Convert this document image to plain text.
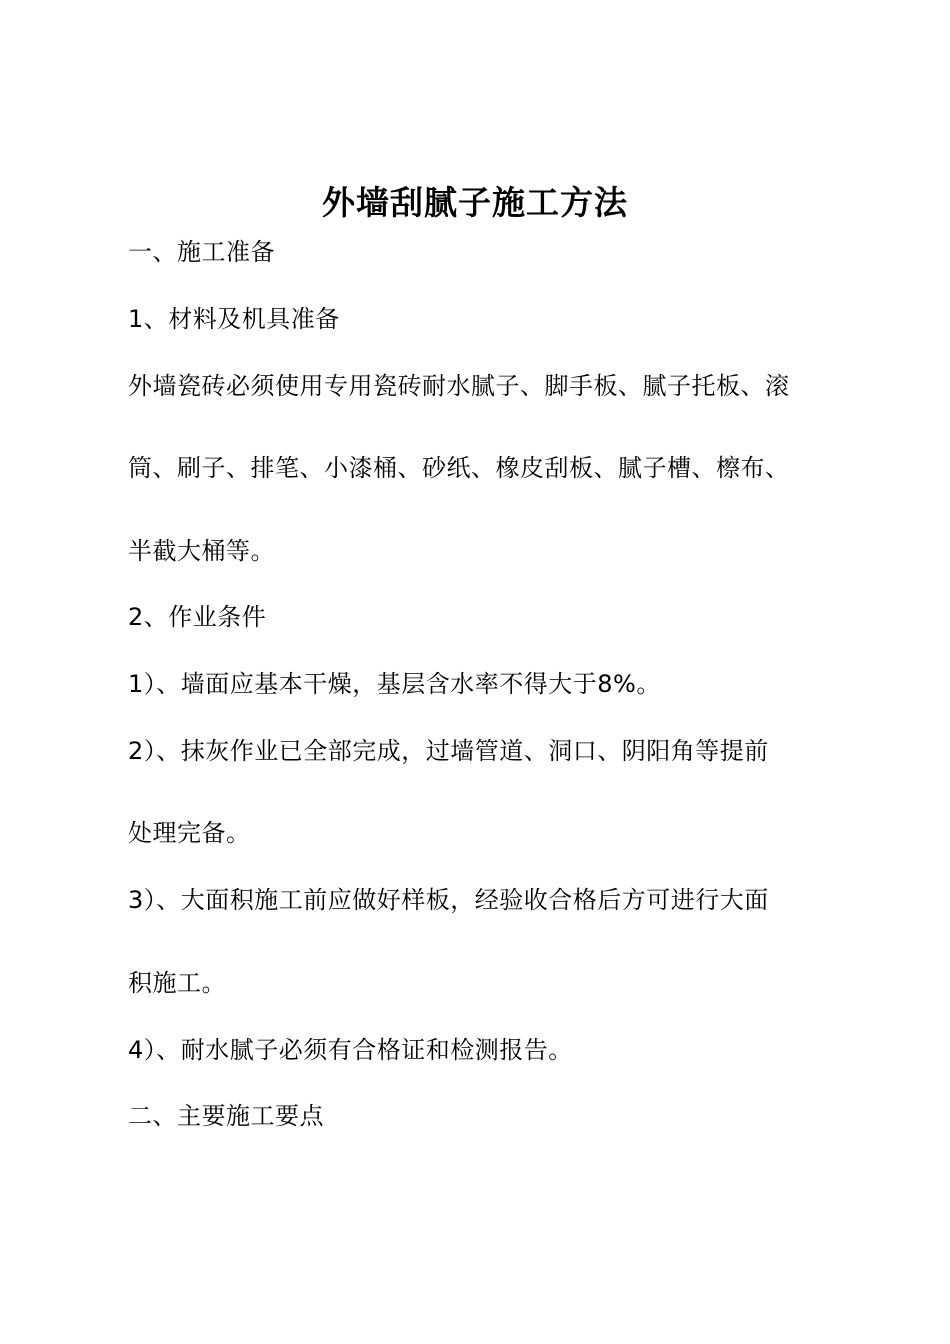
外墙刮腻子施工方法
一、施工准备
1、材料及机具准备
外墙瓷砖必须使用专用瓷砖耐水腻子、脚手板、腻子托板、滚
筒、刷子、排笔、小漆桶、砂纸、橡皮刮板、腻子槽、檫布、
半截大桶等。
2、作业条件
1）、墙面应基本干燥，基层含水率不得大于8%。
2）、抹灰作业已全部完成，过墙管道、洞口、阴阳角等提前
处理完备。
3）、大面积施工前应做好样板，经验收合格后方可进行大面
积施工。
4）、耐水腻子必须有合格证和检测报告。
二、主要施工要点
